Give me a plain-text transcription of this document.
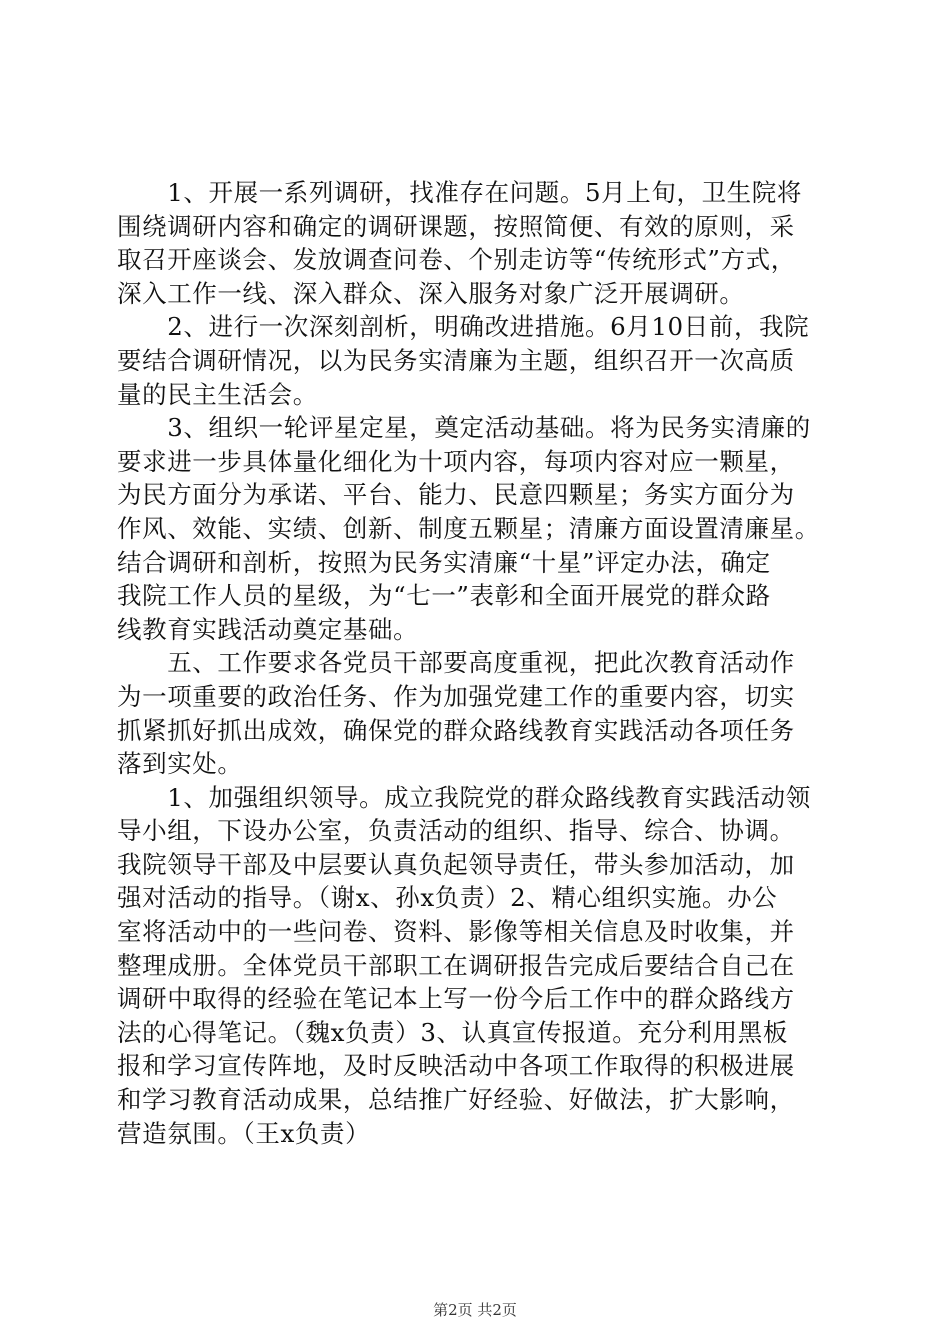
　　1、开展一系列调研，找准存在问题。5月上旬，卫生院将
围绕调研内容和确定的调研课题，按照简便、有效的原则，采
取召开座谈会、发放调查问卷、个别走访等“传统形式”方式，
深入工作一线、深入群众、深入服务对象广泛开展调研。
　　2、进行一次深刻剖析，明确改进措施。6月10日前，我院
要结合调研情况，以为民务实清廉为主题，组织召开一次高质
量的民主生活会。
　　3、组织一轮评星定星，奠定活动基础。将为民务实清廉的
要求进一步具体量化细化为十项内容，每项内容对应一颗星，
为民方面分为承诺、平台、能力、民意四颗星；务实方面分为
作风、效能、实绩、创新、制度五颗星；清廉方面设置清廉星。
结合调研和剖析，按照为民务实清廉“十星”评定办法，确定
我院工作人员的星级，为“七一”表彰和全面开展党的群众路
线教育实践活动奠定基础。
　　五、工作要求各党员干部要高度重视，把此次教育活动作
为一项重要的政治任务、作为加强党建工作的重要内容，切实
抓紧抓好抓出成效，确保党的群众路线教育实践活动各项任务
落到实处。
　　1、加强组织领导。成立我院党的群众路线教育实践活动领
导小组，下设办公室，负责活动的组织、指导、综合、协调。
我院领导干部及中层要认真负起领导责任，带头参加活动，加
强对活动的指导。（谢x、孙x负责）2、精心组织实施。办公
室将活动中的一些问卷、资料、影像等相关信息及时收集，并
整理成册。全体党员干部职工在调研报告完成后要结合自己在
调研中取得的经验在笔记本上写一份今后工作中的群众路线方
法的心得笔记。（魏x负责）3、认真宣传报道。充分利用黑板
报和学习宣传阵地，及时反映活动中各项工作取得的积极进展
和学习教育活动成果，总结推广好经验、好做法，扩大影响，
营造氛围。（王x负责）
第2页 共2页
